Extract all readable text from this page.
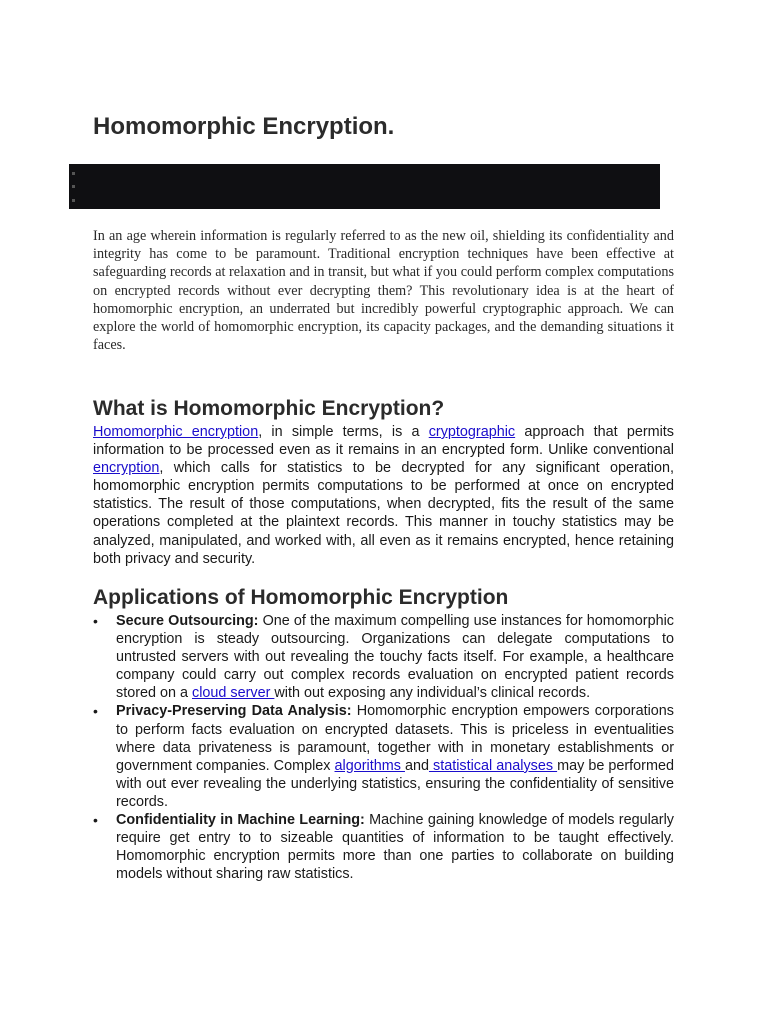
Homomorphic Encryption.

In an age wherein information is regularly referred to as the new oil, shielding its confidentiality and integrity has come to be paramount. Traditional encryption techniques have been effective at safeguarding records at relaxation and in transit, but what if you could perform complex computations on encrypted records without ever decrypting them? This revolutionary idea is at the heart of homomorphic encryption, an underrated but incredibly powerful cryptographic approach. We can explore the world of homomorphic encryption, its capacity packages, and the demanding situations it faces.

What is Homomorphic Encryption?

Homomorphic encryption, in simple terms, is a cryptographic approach that permits information to be processed even as it remains in an encrypted form. Unlike conventional encryption, which calls for statistics to be decrypted for any significant operation, homomorphic encryption permits computations to be performed at once on encrypted statistics. The result of those computations, when decrypted, fits the result of the same operations completed at the plaintext records. This manner in touchy statistics may be analyzed, manipulated, and worked with, all even as it remains encrypted, hence retaining both privacy and security.

Applications of Homomorphic Encryption
• Secure Outsourcing: One of the maximum compelling use instances for homomorphic encryption is steady outsourcing. Organizations can delegate computations to untrusted servers with out revealing the touchy facts itself. For example, a healthcare company could carry out complex records evaluation on encrypted patient records stored on a cloud server with out exposing any individual’s clinical records.
• Privacy-Preserving Data Analysis: Homomorphic encryption empowers corporations to perform facts evaluation on encrypted datasets. This is priceless in eventualities where data privateness is paramount, together with in monetary establishments or government companies. Complex algorithms and statistical analyses may be performed with out ever revealing the underlying statistics, ensuring the confidentiality of sensitive records.
• Confidentiality in Machine Learning: Machine gaining knowledge of models regularly require get entry to to sizeable quantities of information to be taught effectively. Homomorphic encryption permits more than one parties to collaborate on building models without sharing raw statistics.
